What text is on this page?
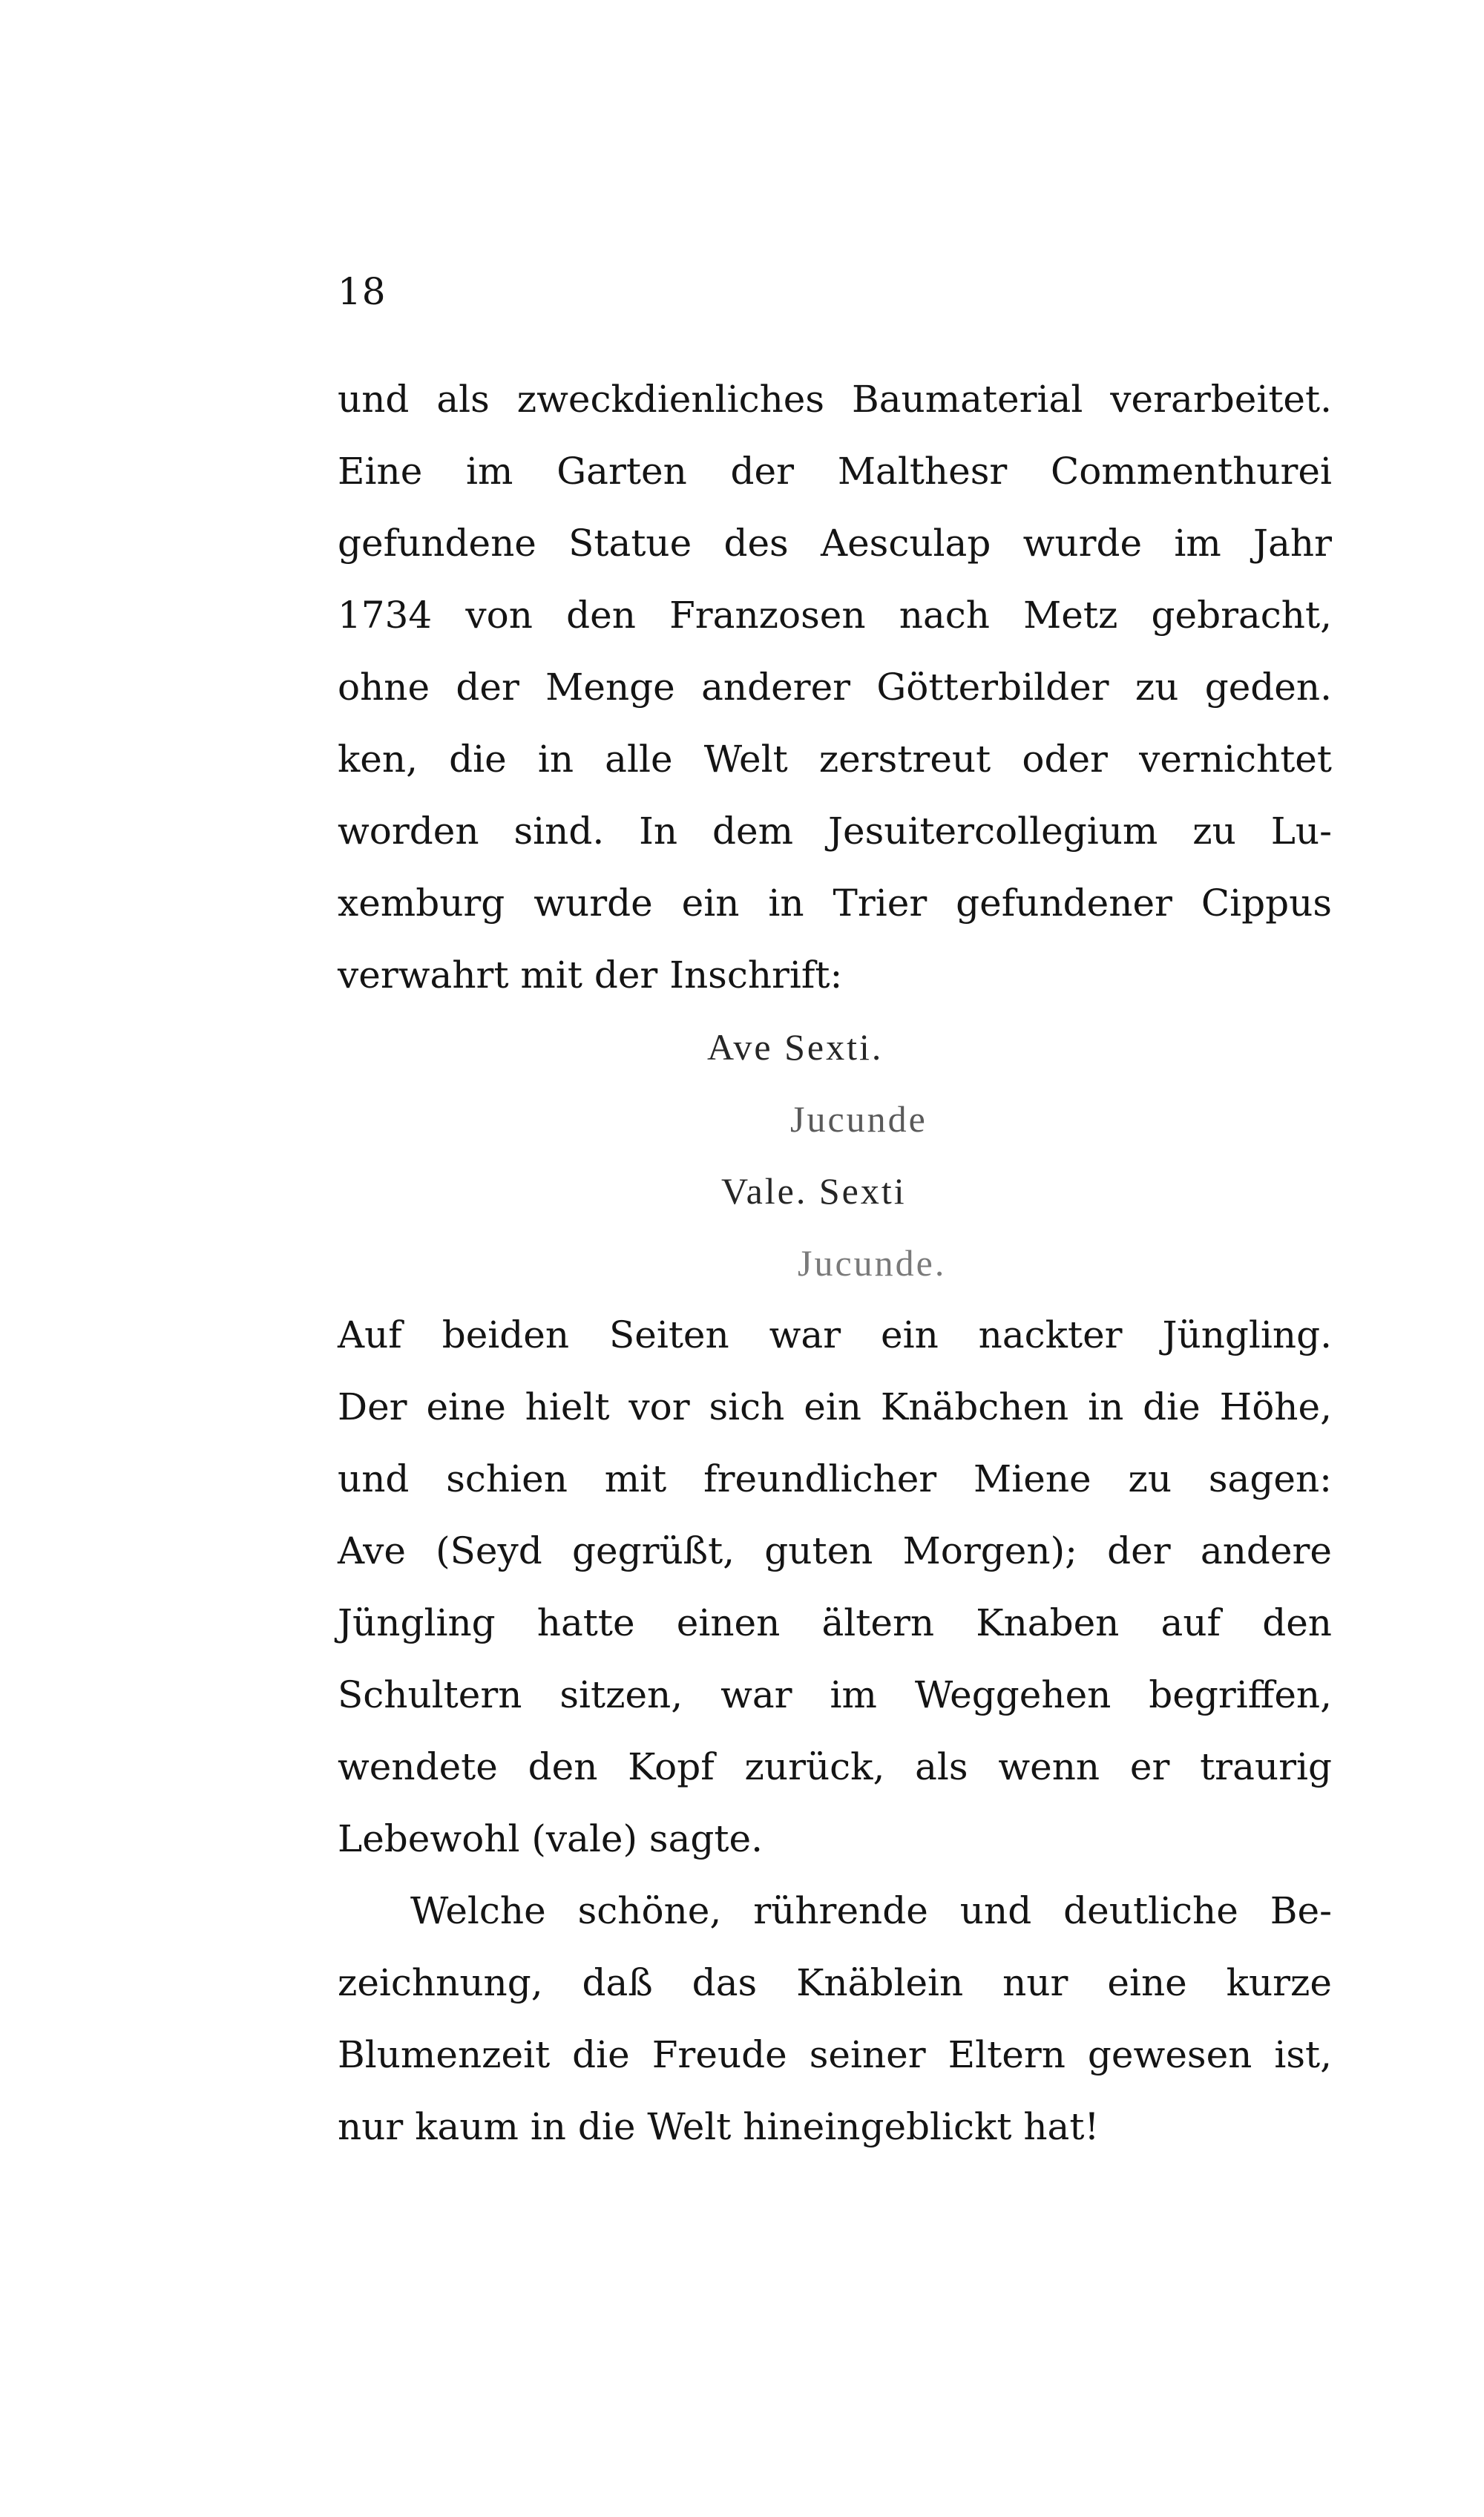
18
und als zweckdienliches Baumaterial verarbeitet.
Eine im Garten der Malthesr Commenthurei
gefundene Statue des Aesculap wurde im Jahr
1734 von den Franzosen nach Metz gebracht,
ohne der Menge anderer Götterbilder zu geden.
ken, die in alle Welt zerstreut oder vernichtet
worden sind. In dem Jesuitercollegium zu Lu-
xemburg wurde ein in Trier gefundener Cippus
verwahrt mit der Inschrift:
Ave Sexti.
Jucunde
Vale. Sexti
Jucunde.
Auf beiden Seiten war ein nackter Jüngling.
Der eine hielt vor sich ein Knäbchen in die Höhe,
und schien mit freundlicher Miene zu sagen:
Ave (Seyd gegrüßt, guten Morgen); der andere
Jüngling hatte einen ältern Knaben auf den
Schultern sitzen, war im Weggehen begriffen,
wendete den Kopf zurück, als wenn er traurig
Lebewohl (vale) sagte.
Welche schöne, rührende und deutliche Be-
zeichnung, daß das Knäblein nur eine kurze
Blumenzeit die Freude seiner Eltern gewesen ist,
nur kaum in die Welt hineingeblickt hat!
